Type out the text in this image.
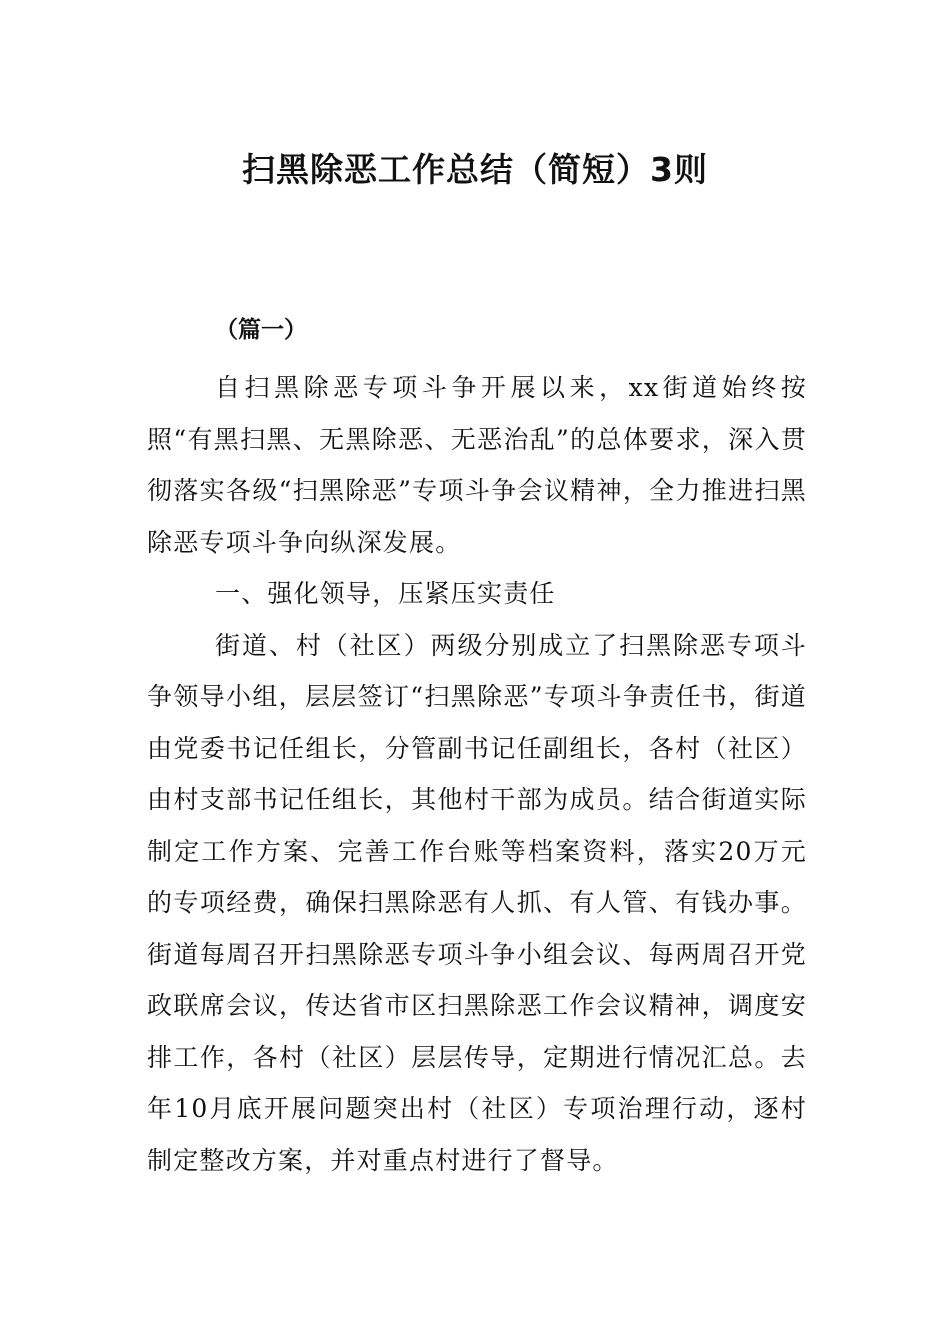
扫黑除恶工作总结（简短）3则
（篇一）

自扫黑除恶专项斗争开展以来，xx街道始终按照“有黑扫黑、无黑除恶、无恶治乱”的总体要求，深入贯彻落实各级“扫黑除恶”专项斗争会议精神，全力推进扫黑除恶专项斗争向纵深发展。

一、强化领导，压紧压实责任

街道、村（社区）两级分别成立了扫黑除恶专项斗争领导小组，层层签订“扫黑除恶”专项斗争责任书，街道由党委书记任组长，分管副书记任副组长，各村（社区）由村支部书记任组长，其他村干部为成员。结合街道实际制定工作方案、完善工作台账等档案资料，落实20万元的专项经费，确保扫黑除恶有人抓、有人管、有钱办事。街道每周召开扫黑除恶专项斗争小组会议、每两周召开党政联席会议，传达省市区扫黑除恶工作会议精神，调度安排工作，各村（社区）层层传导，定期进行情况汇总。去年10月底开展问题突出村（社区）专项治理行动，逐村制定整改方案，并对重点村进行了督导。
